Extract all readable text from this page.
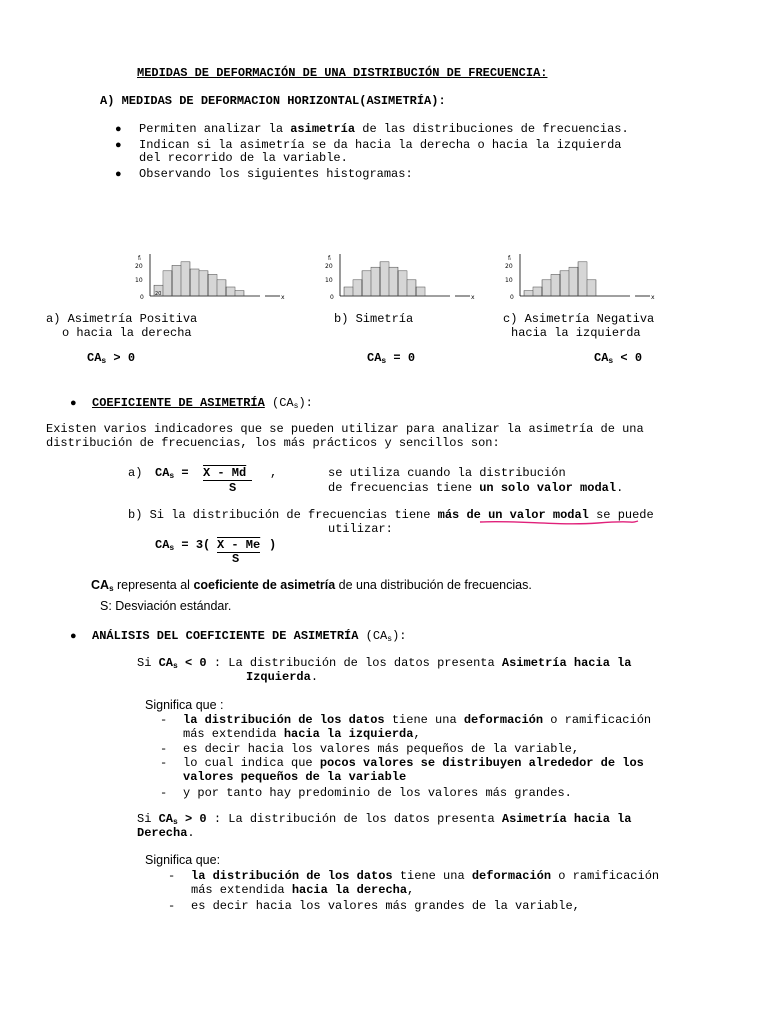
MEDIDAS DE DEFORMACIÓN DE UNA DISTRIBUCIÓN DE FRECUENCIA:
A) MEDIDAS DE DEFORMACION HORIZONTAL(ASIMETRÍA):
● Permiten analizar la asimetría de las distribuciones de frecuencias.
● Indican si la asimetría se da hacia la derecha o hacia la izquierda
del recorrido de la variable.
● Observando los siguientes histogramas:
fᵢ
20
10
0	x
20
fᵢ
20
10
0	x
fᵢ
20
10
0	x
a) Asimetría Positiva
o hacia la derecha
b) Simetría	c) Asimetría Negativa
hacia la izquierda
$CA_s > 0$	$CA_s = 0$	$CA_s < 0$
● COEFICIENTE DE ASIMETRÍA $(CA_s)$:
Existen varios indicadores que se pueden utilizar para analizar la asimetría de una
distribución de frecuencias, los más prácticos y sencillos son:
a) $CA_s = X - Md$	,
S
se utiliza cuando la distribución
de frecuencias tiene un solo valor modal.
b) Si la distribución de frecuencias tiene más de un valor modal se puede
utilizar:
$CA_s = 3$( X - Me )
S
$CA_s$ representa al coeficiente de asimetría de una distribución de frecuencias.
S: Desviación estándar.
● ANÁLISIS DEL COEFICIENTE DE ASIMETRÍA $(CA_s)$:
Si $CA_s < 0$ : La distribución de los datos presenta Asimetría hacia la
Izquierda.
Significa que :
- la distribución de los datos tiene una deformación o ramificación
más extendida hacia la izquierda,
- es decir hacia los valores más pequeños de la variable,
- lo cual indica que pocos valores se distribuyen alrededor de los
valores pequeños de la variable
- y por tanto hay predominio de los valores más grandes.
Si $CA_s > 0$ : La distribución de los datos presenta Asimetría hacia la
Derecha.
Significa que:
- la distribución de los datos tiene una deformación o ramificación
más extendida hacia la derecha,
- es decir hacia los valores más grandes de la variable,
